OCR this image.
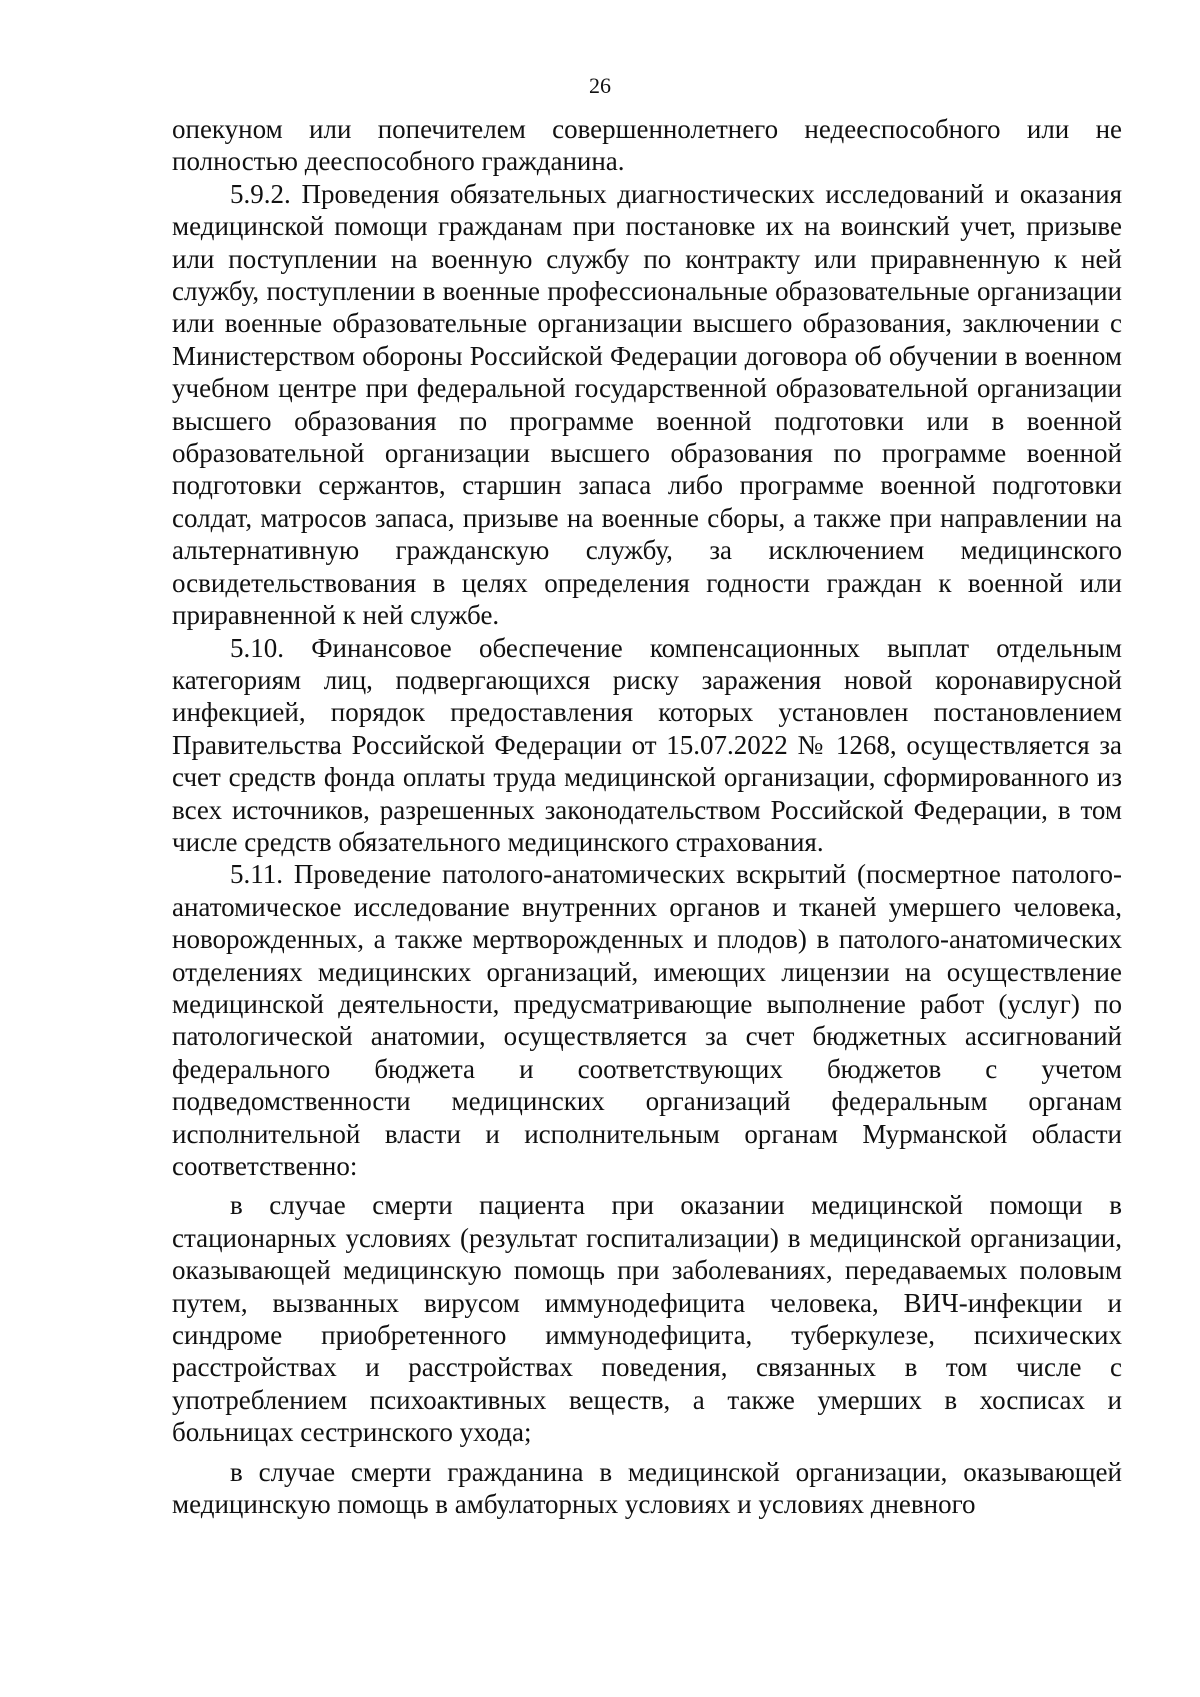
26

опекуном или попечителем совершеннолетнего недееспособного или не полностью дееспособного гражданина.

5.9.2. Проведения обязательных диагностических исследований и оказания медицинской помощи гражданам при постановке их на воинский учет, призыве или поступлении на военную службу по контракту или приравненную к ней службу, поступлении в военные профессиональные образовательные организации или военные образовательные организации высшего образования, заключении с Министерством обороны Российской Федерации договора об обучении в военном учебном центре при федеральной государственной образовательной организации высшего образования по программе военной подготовки или в военной образовательной организации высшего образования по программе военной подготовки сержантов, старшин запаса либо программе военной подготовки солдат, матросов запаса, призыве на военные сборы, а также при направлении на альтернативную гражданскую службу, за исключением медицинского освидетельствования в целях определения годности граждан к военной или приравненной к ней службе.

5.10. Финансовое обеспечение компенсационных выплат отдельным категориям лиц, подвергающихся риску заражения новой коронавирусной инфекцией, порядок предоставления которых установлен постановлением Правительства Российской Федерации от 15.07.2022 № 1268, осуществляется за счет средств фонда оплаты труда медицинской организации, сформированного из всех источников, разрешенных законодательством Российской Федерации, в том числе средств обязательного медицинского страхования.

5.11. Проведение патолого-анатомических вскрытий (посмертное патолого-анатомическое исследование внутренних органов и тканей умершего человека, новорожденных, а также мертворожденных и плодов) в патолого-анатомических отделениях медицинских организаций, имеющих лицензии на осуществление медицинской деятельности, предусматривающие выполнение работ (услуг) по патологической анатомии, осуществляется за счет бюджетных ассигнований федерального бюджета и соответствующих бюджетов с учетом подведомственности медицинских организаций федеральным органам исполнительной власти и исполнительным органам Мурманской области соответственно:

в случае смерти пациента при оказании медицинской помощи в стационарных условиях (результат госпитализации) в медицинской организации, оказывающей медицинскую помощь при заболеваниях, передаваемых половым путем, вызванных вирусом иммунодефицита человека, ВИЧ-инфекции и синдроме приобретенного иммунодефицита, туберкулезе, психических расстройствах и расстройствах поведения, связанных в том числе с употреблением психоактивных веществ, а также умерших в хосписах и больницах сестринского ухода;

в случае смерти гражданина в медицинской организации, оказывающей медицинскую помощь в амбулаторных условиях и условиях дневного
